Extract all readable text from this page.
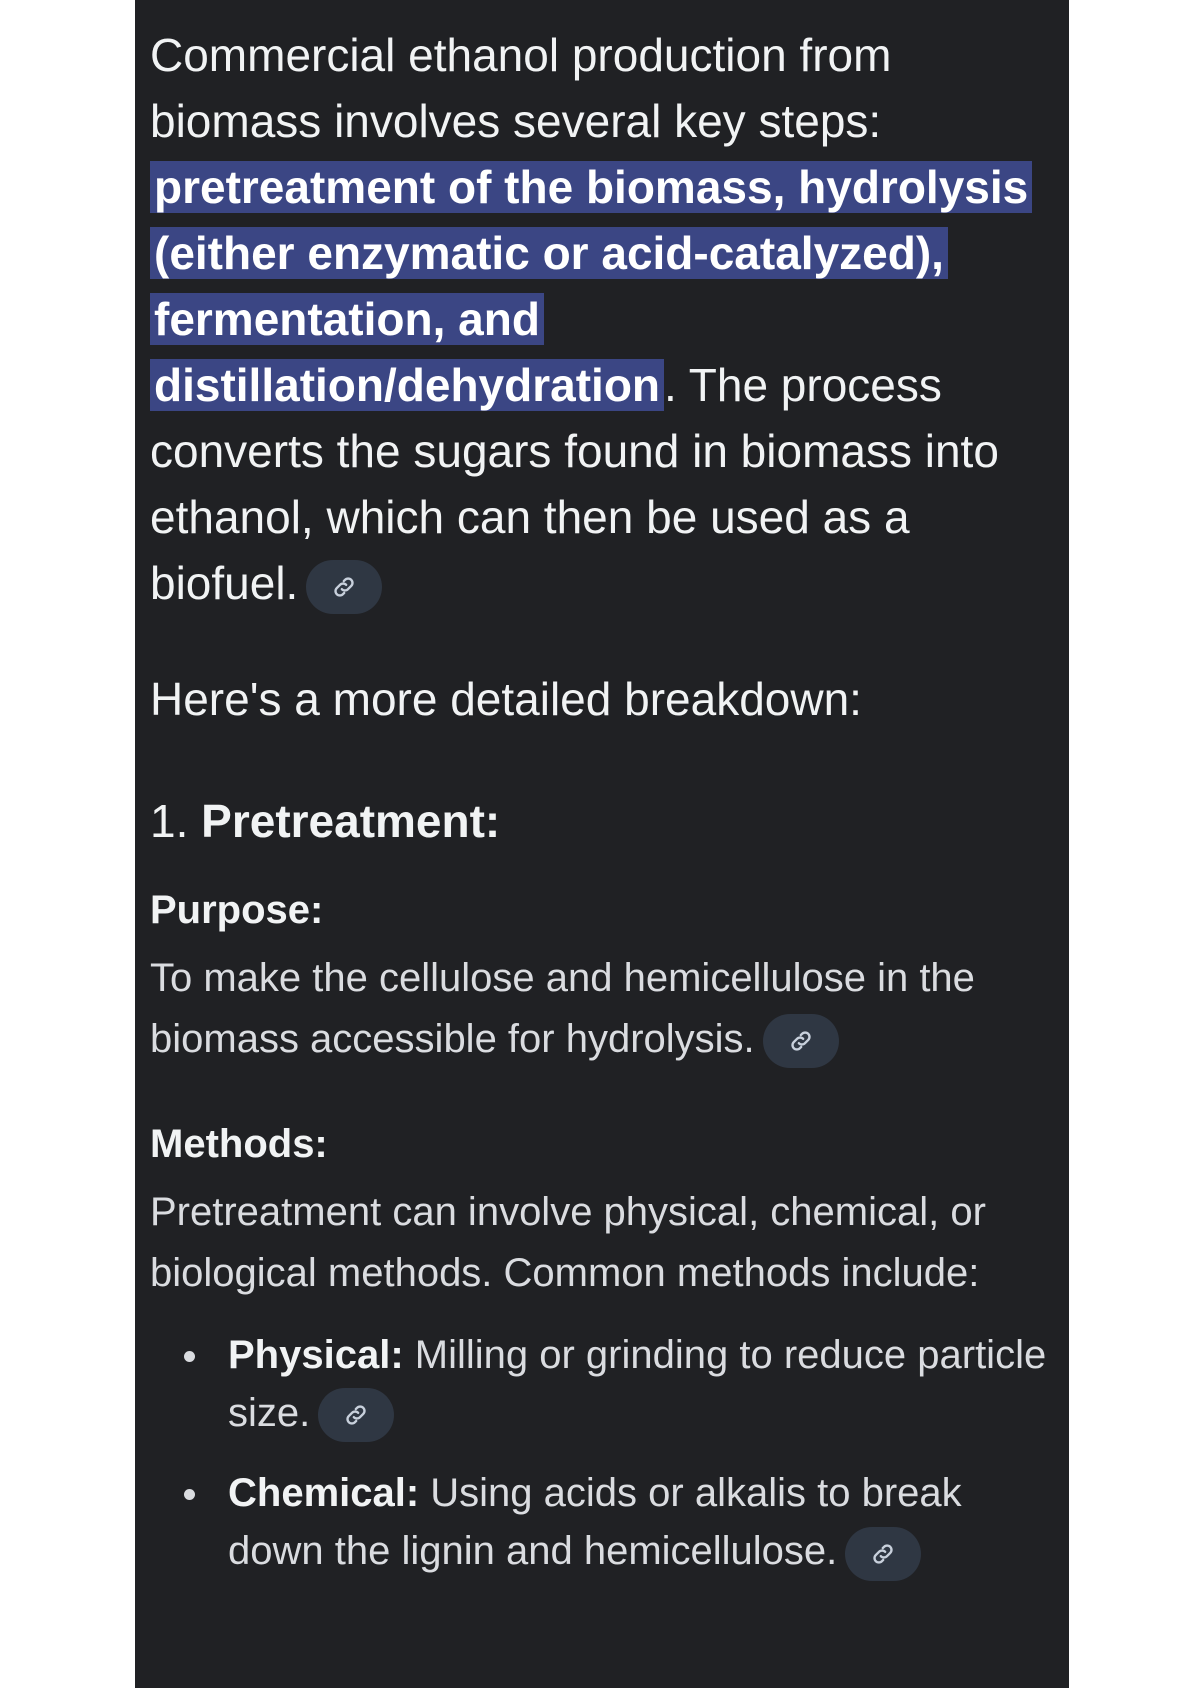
Commercial ethanol production from biomass involves several key steps: pretreatment of the biomass, hydrolysis (either enzymatic or acid-catalyzed), fermentation, and distillation/dehydration. The process converts the sugars found in biomass into ethanol, which can then be used as a biofuel.

Here's a more detailed breakdown:

1. Pretreatment:
Purpose:

To make the cellulose and hemicellulose in the biomass accessible for hydrolysis.

Methods:

Pretreatment can involve physical, chemical, or biological methods. Common methods include:

Physical: Milling or grinding to reduce particle size.
Chemical: Using acids or alkalis to break down the lignin and hemicellulose.
